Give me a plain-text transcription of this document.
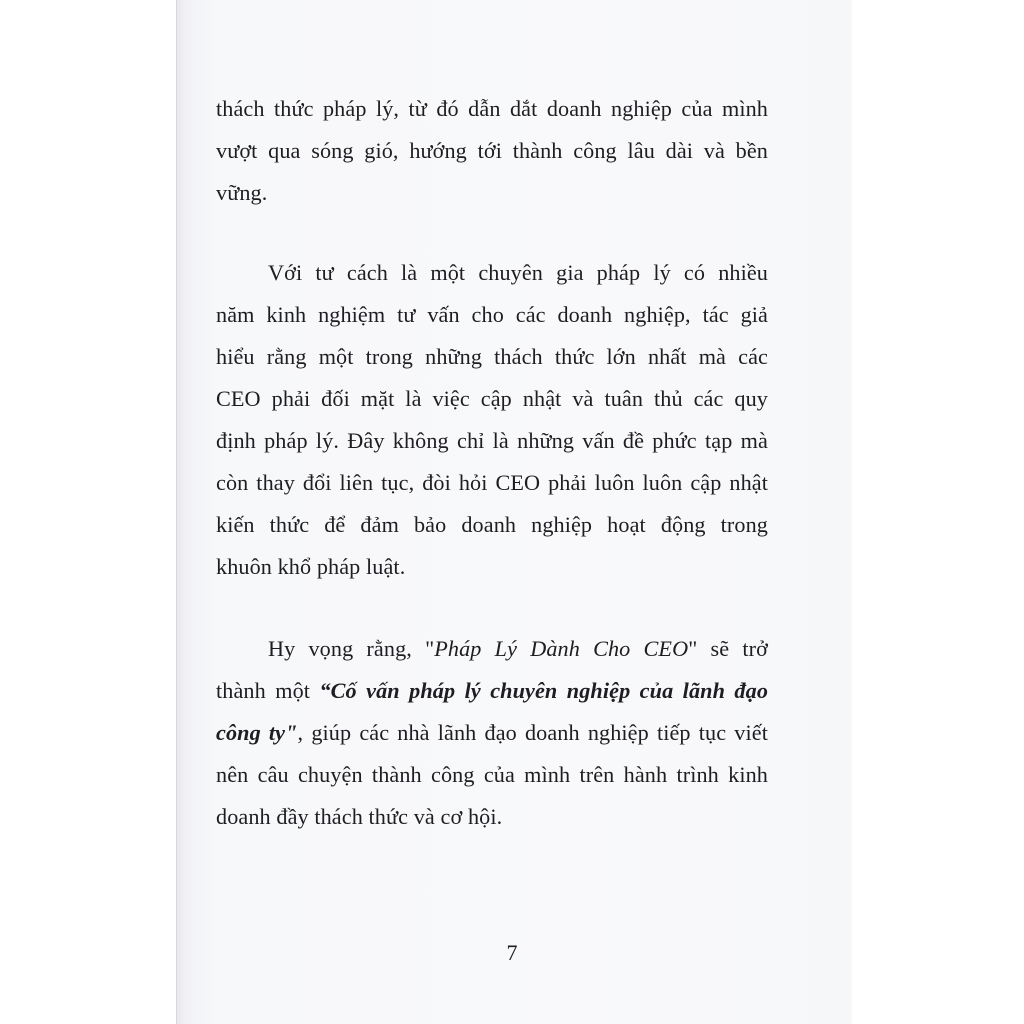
thách thức pháp lý, từ đó dẫn dắt doanh nghiệp của mình
vượt qua sóng gió, hướng tới thành công lâu dài và bền
vững.

Với tư cách là một chuyên gia pháp lý có nhiều
năm kinh nghiệm tư vấn cho các doanh nghiệp, tác giả
hiểu rằng một trong những thách thức lớn nhất mà các
CEO phải đối mặt là việc cập nhật và tuân thủ các quy
định pháp lý. Đây không chỉ là những vấn đề phức tạp mà
còn thay đổi liên tục, đòi hỏi CEO phải luôn luôn cập nhật
kiến thức để đảm bảo doanh nghiệp hoạt động trong
khuôn khổ pháp luật.

Hy vọng rằng, "Pháp Lý Dành Cho CEO" sẽ trở
thành một “Cố vấn pháp lý chuyên nghiệp của lãnh đạo
công ty", giúp các nhà lãnh đạo doanh nghiệp tiếp tục viết
nên câu chuyện thành công của mình trên hành trình kinh
doanh đầy thách thức và cơ hội.

7
